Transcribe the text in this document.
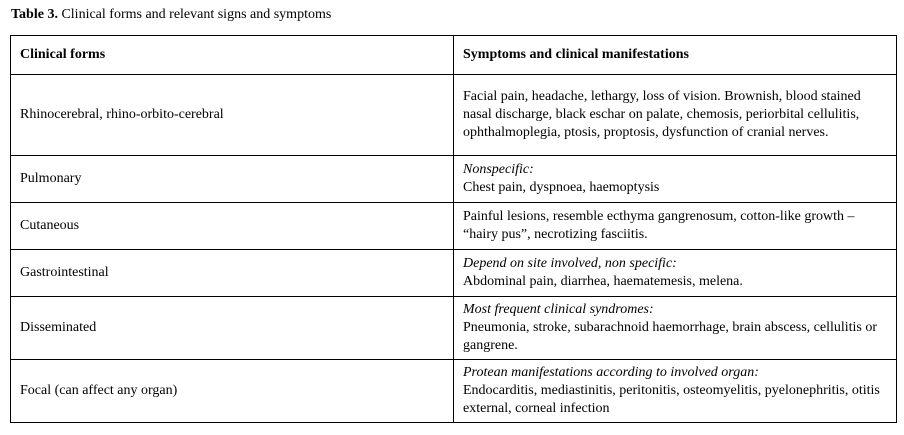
Table 3. Clinical forms and relevant signs and symptoms
Clinical forms	Symptoms and clinical manifestations
Rhinocerebral, rhino-orbito-cerebral	Facial pain, headache, lethargy, loss of vision. Brownish, blood stained nasal discharge, black eschar on palate, chemosis, periorbital cellulitis, ophthalmoplegia, ptosis, proptosis, dysfunction of cranial nerves.

Pulmonary	Nonspecific:
Chest pain, dyspnoea, haemoptysis

Cutaneous	Painful lesions, resemble ecthyma gangrenosum, cotton-like growth – “hairy pus”, necrotizing fasciitis.

Gastrointestinal	Depend on site involved, non specific:
Abdominal pain, diarrhea, haematemesis, melena.

Disseminated	Most frequent clinical syndromes:
Pneumonia, stroke, subarachnoid haemorrhage, brain abscess, cellulitis or gangrene.

Focal (can affect any organ)	Protean manifestations according to involved organ:
Endocarditis, mediastinitis, peritonitis, osteomyelitis, pyelonephritis, otitis external, corneal infection
